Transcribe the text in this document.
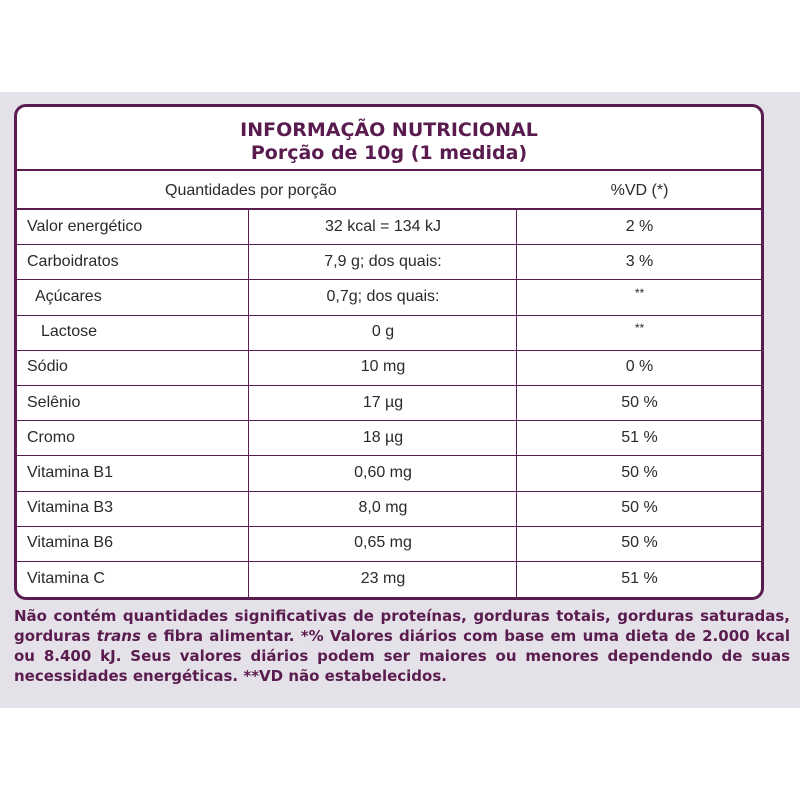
INFORMAÇÃO NUTRICIONAL
Porção de 10g (1 medida)
Quantidades por porção	%VD (*)
Valor energético	32 kcal = 134 kJ	2 %
Carboidratos	7,9 g; dos quais:	3 %
Açúcares	0,7g; dos quais:	**
Lactose	0 g	**
Sódio	10 mg	0 %
Selênio	17 µg	50 %
Cromo	18 µg	51 %
Vitamina B1	0,60 mg	50 %
Vitamina B3	8,0 mg	50 %
Vitamina B6	0,65 mg	50 %
Vitamina C	23 mg	51 %
Não contém quantidades significativas de proteínas, gorduras totais, gorduras saturadas, gorduras trans e fibra alimentar. *% Valores diários com base em uma dieta de 2.000 kcal ou 8.400 kJ. Seus valores diários podem ser maiores ou menores dependendo de suas necessidades energéticas. **VD não estabelecidos.
